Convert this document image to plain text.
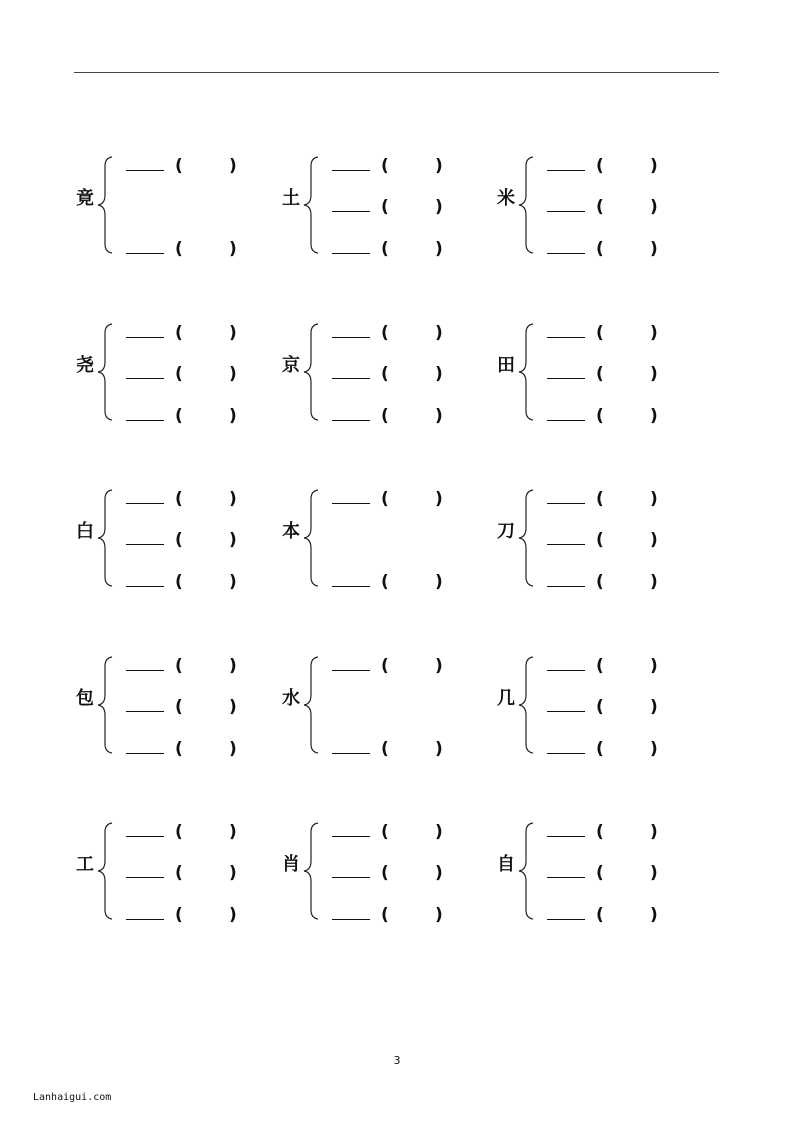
竟
(	)
(	)
土
(	)
(	)
(	)
米
(	)
(	)
(	)
尧
(	)
(	)
(	)
京
(	)
(	)
(	)
田
(	)
(	)
(	)
白
(	)
(	)
(	)
本
(	)
(	)
刀
(	)
(	)
(	)
包
(	)
(	)
(	)
水
(	)
(	)
几
(	)
(	)
(	)
工
(	)
(	)
(	)
肖
(	)
(	)
(	)
自
(	)
(	)
(	)
3
Lanhaigui.com
